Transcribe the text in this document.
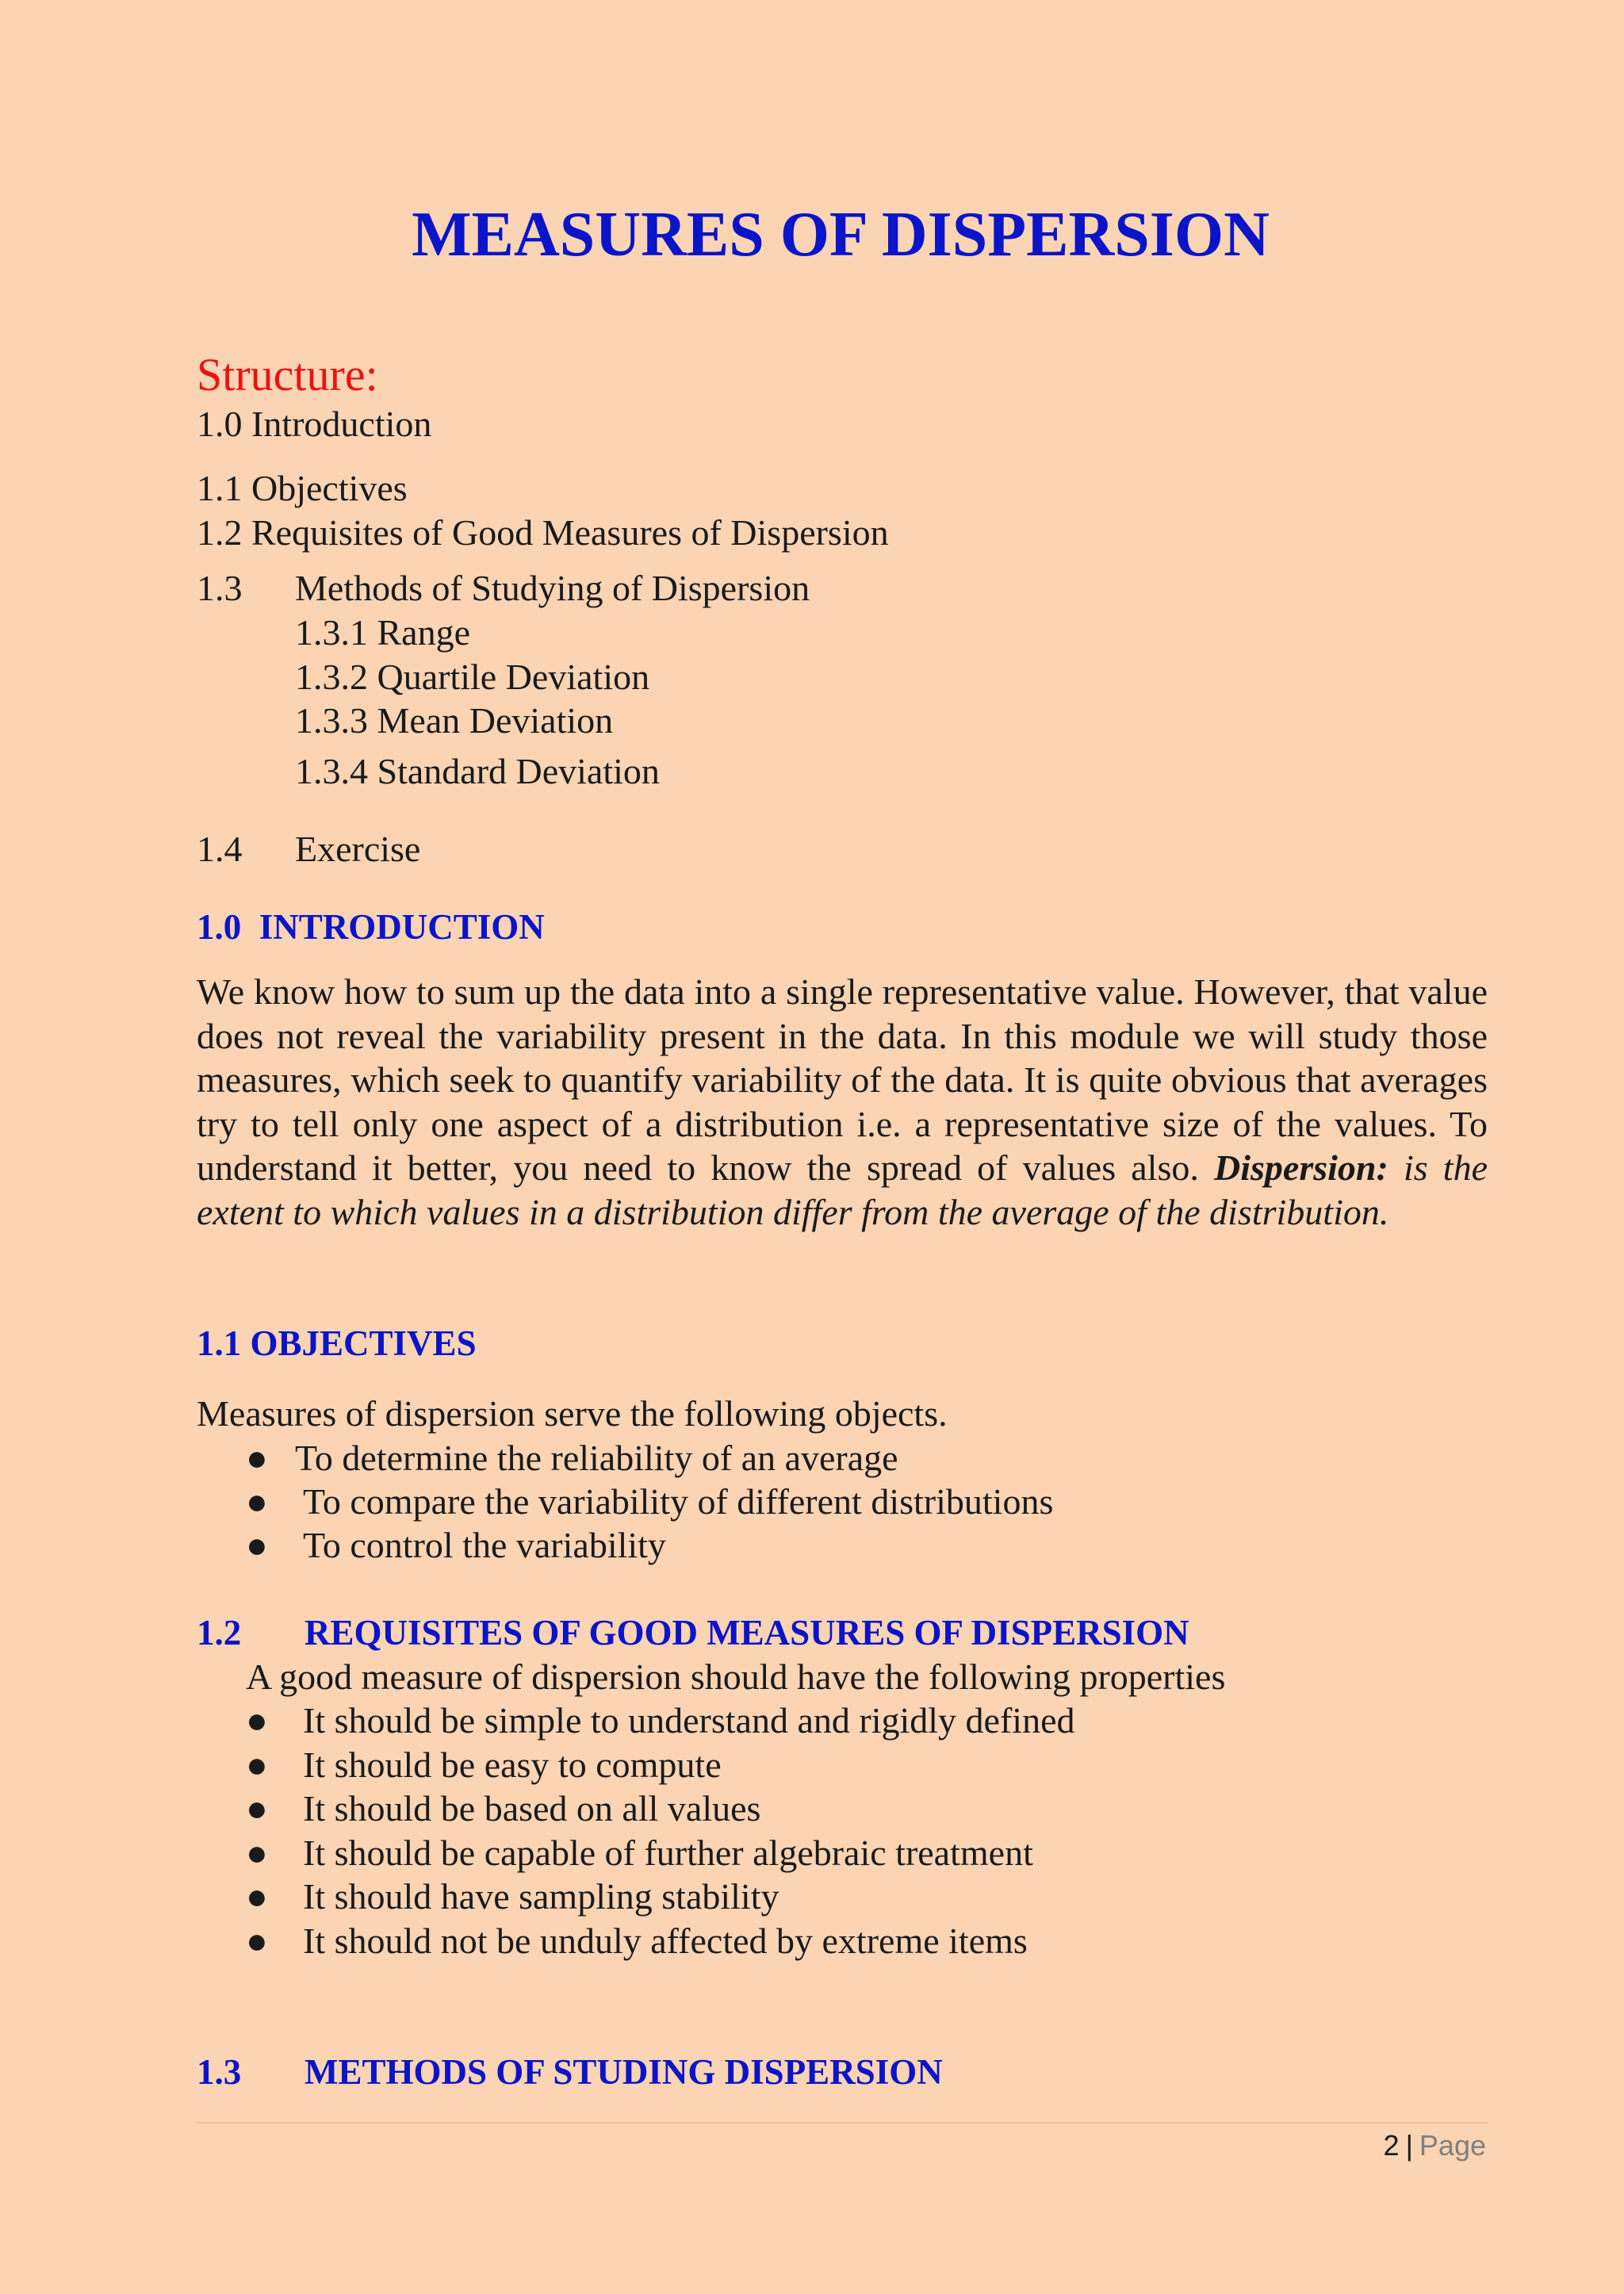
MEASURES OF DISPERSION
Structure:
1.0 Introduction
1.1 Objectives
1.2 Requisites of Good Measures of Dispersion
1.3 Methods of Studying of Dispersion
1.3.1 Range
1.3.2 Quartile Deviation
1.3.3 Mean Deviation
1.3.4 Standard Deviation
1.4 Exercise
1.0  INTRODUCTION
We know how to sum up the data into a single representative value. However, that value does not reveal the variability present in the data. In this module we will study those measures, which seek to quantify variability of the data. It is quite obvious that averages try to tell only one aspect of a distribution i.e. a representative size of the values. To understand it better, you need to know the spread of values also. Dispersion: is the extent to which values in a distribution differ from the average of the distribution.
1.1 OBJECTIVES
Measures of dispersion serve the following objects.
● To determine the reliability of an average
● To compare the variability of different distributions
● To control the variability
1.2 REQUISITES OF GOOD MEASURES OF DISPERSION
A good measure of dispersion should have the following properties
● It should be simple to understand and rigidly defined
● It should be easy to compute
● It should be based on all values
● It should be capable of further algebraic treatment
● It should have sampling stability
● It should not be unduly affected by extreme items
1.3 METHODS OF STUDING DISPERSION
2 | Page
